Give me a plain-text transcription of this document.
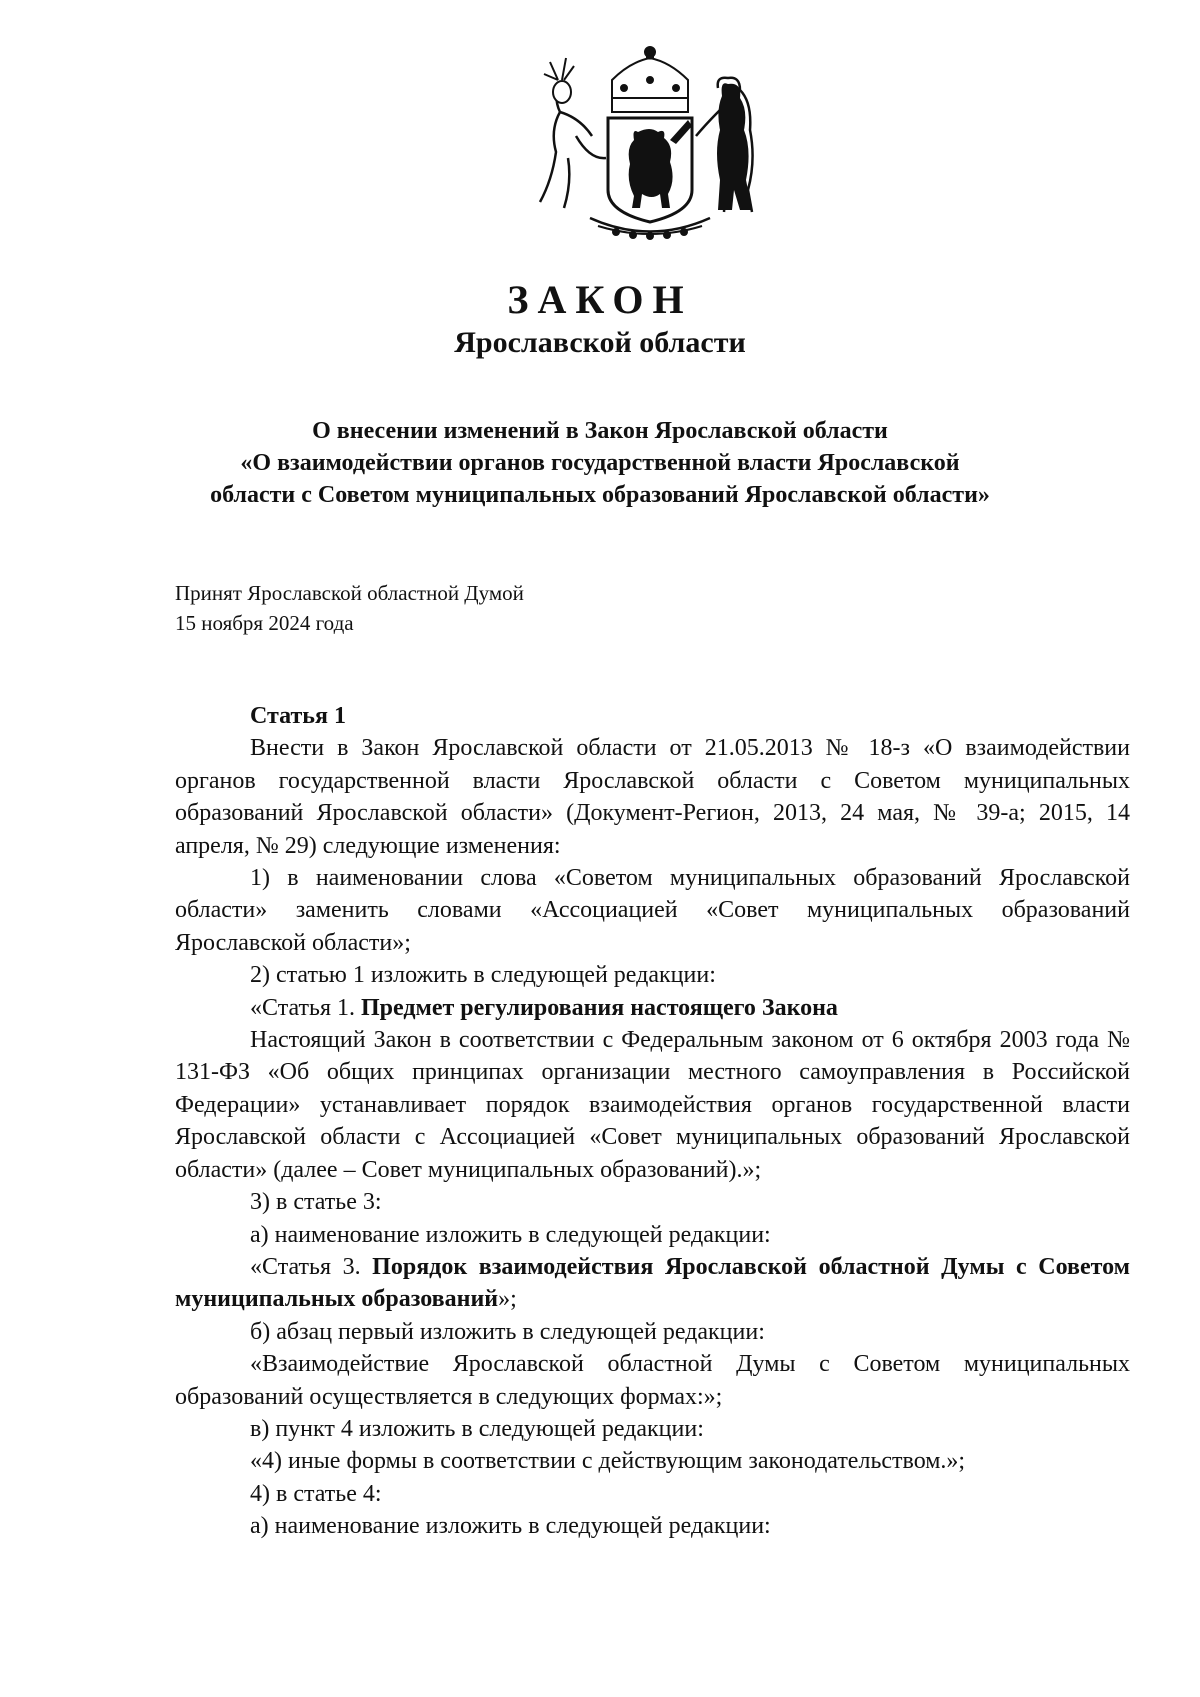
ЗАКОН
Ярославской области
О внесении изменений в Закон Ярославской области
«О взаимодействии органов государственной власти Ярославской
области с Советом муниципальных образований Ярославской области»
Принят Ярославской областной Думой
15 ноября 2024 года

Статья 1

Внести в Закон Ярославской области от 21.05.2013 № 18-з «О взаимодействии органов государственной власти Ярославской области с Советом муниципальных образований Ярославской области» (Документ-Регион, 2013, 24 мая, № 39-а; 2015, 14 апреля, № 29) следующие изменения:

1) в наименовании слова «Советом муниципальных образований Ярославской области» заменить словами «Ассоциацией «Совет муниципальных образований Ярославской области»;

2) статью 1 изложить в следующей редакции:

«Статья 1. Предмет регулирования настоящего Закона

Настоящий Закон в соответствии с Федеральным законом от 6 октября 2003 года № 131-ФЗ «Об общих принципах организации местного самоуправления в Российской Федерации» устанавливает порядок взаимодействия органов государственной власти Ярославской области с Ассоциацией «Совет муниципальных образований Ярославской области» (далее – Совет муниципальных образований).»;

3) в статье 3:

а) наименование изложить в следующей редакции:

«Статья 3. Порядок взаимодействия Ярославской областной Думы с Советом муниципальных образований»;

б) абзац первый изложить в следующей редакции:

«Взаимодействие Ярославской областной Думы с Советом муниципальных образований осуществляется в следующих формах:»;

в) пункт 4 изложить в следующей редакции:

«4) иные формы в соответствии с действующим законодательством.»;

4) в статье 4:

а) наименование изложить в следующей редакции:
